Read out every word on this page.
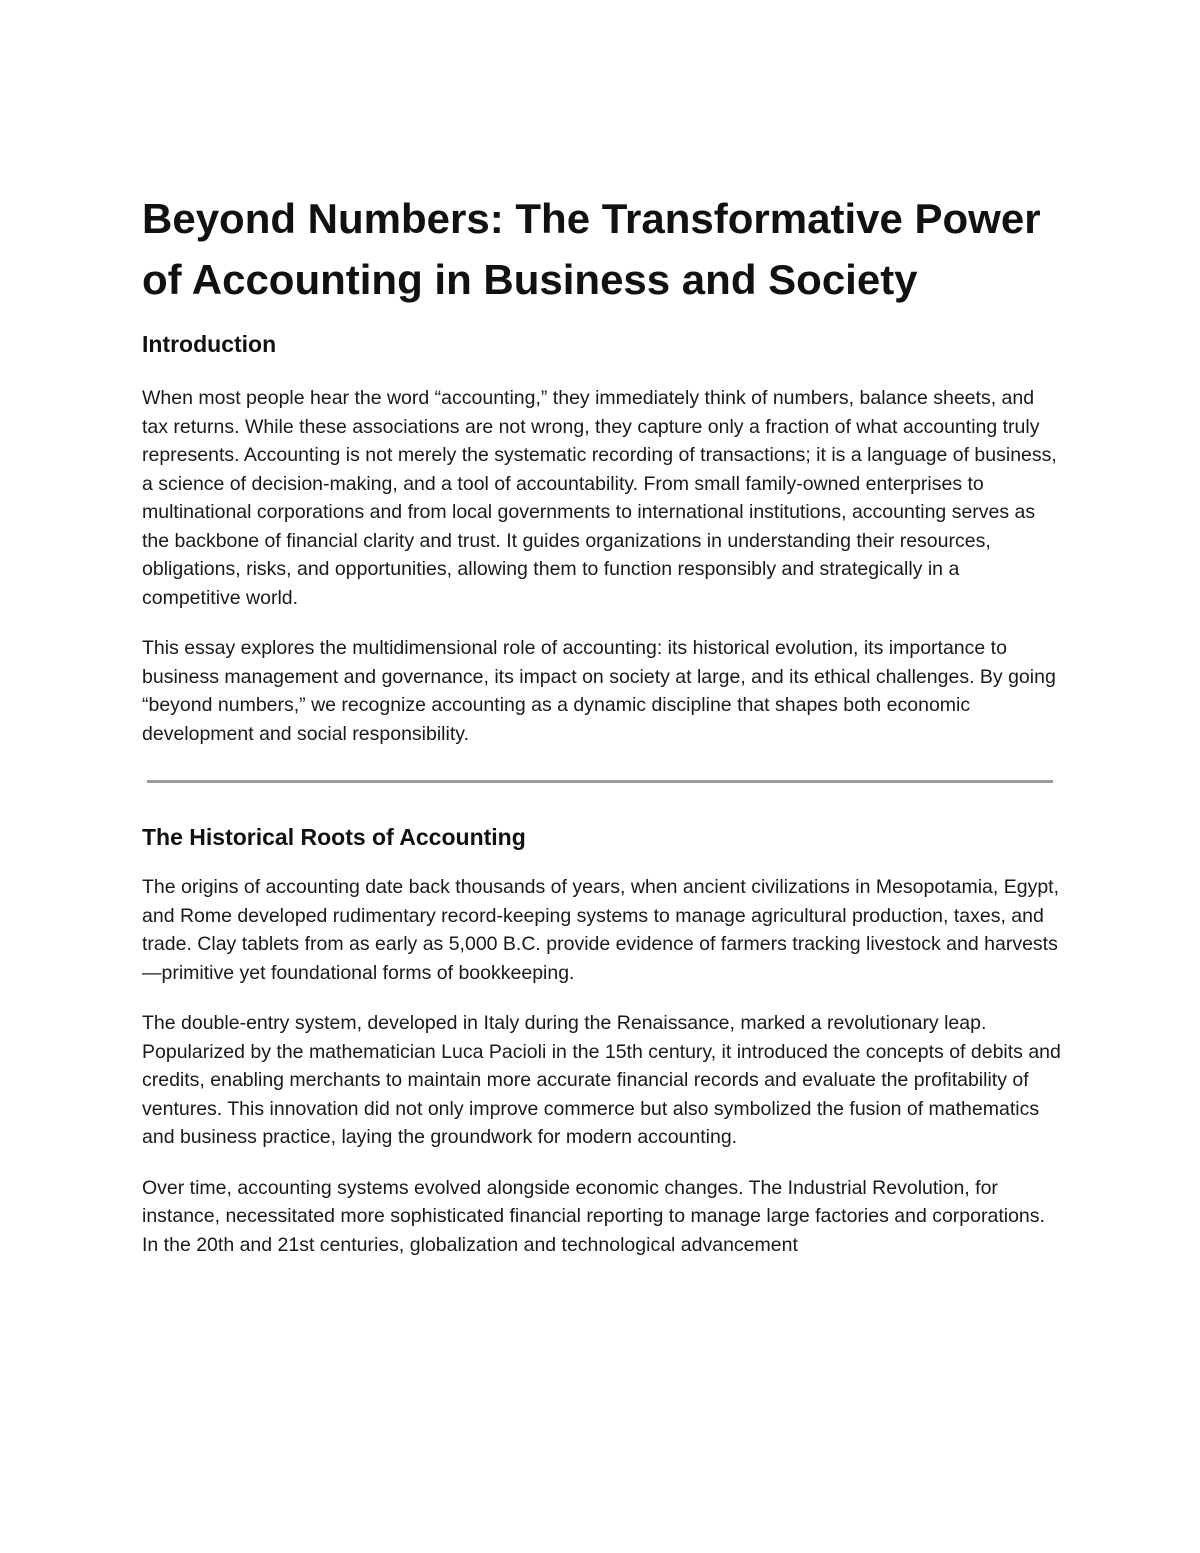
Beyond Numbers: The Transformative Power of Accounting in Business and Society
Introduction

When most people hear the word “accounting,” they immediately think of numbers, balance sheets, and tax returns. While these associations are not wrong, they capture only a fraction of what accounting truly represents. Accounting is not merely the systematic recording of transactions; it is a language of business, a science of decision-making, and a tool of accountability. From small family-owned enterprises to multinational corporations and from local governments to international institutions, accounting serves as the backbone of financial clarity and trust. It guides organizations in understanding their resources, obligations, risks, and opportunities, allowing them to function responsibly and strategically in a competitive world.

This essay explores the multidimensional role of accounting: its historical evolution, its importance to business management and governance, its impact on society at large, and its ethical challenges. By going “beyond numbers,” we recognize accounting as a dynamic discipline that shapes both economic development and social responsibility.

The Historical Roots of Accounting

The origins of accounting date back thousands of years, when ancient civilizations in Mesopotamia, Egypt, and Rome developed rudimentary record-keeping systems to manage agricultural production, taxes, and trade. Clay tablets from as early as 5,000 B.C. provide evidence of farmers tracking livestock and harvests—primitive yet foundational forms of bookkeeping.

The double-entry system, developed in Italy during the Renaissance, marked a revolutionary leap. Popularized by the mathematician Luca Pacioli in the 15th century, it introduced the concepts of debits and credits, enabling merchants to maintain more accurate financial records and evaluate the profitability of ventures. This innovation did not only improve commerce but also symbolized the fusion of mathematics and business practice, laying the groundwork for modern accounting.

Over time, accounting systems evolved alongside economic changes. The Industrial Revolution, for instance, necessitated more sophisticated financial reporting to manage large factories and corporations. In the 20th and 21st centuries, globalization and technological advancement
